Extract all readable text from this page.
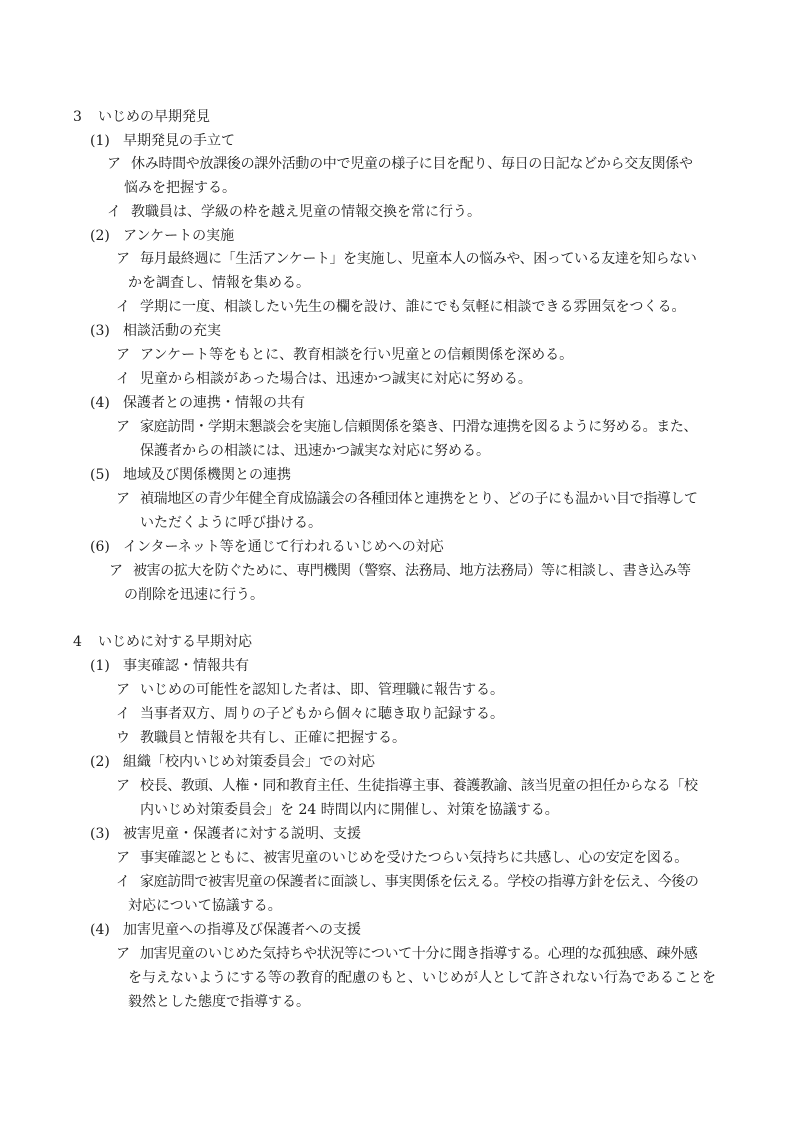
3 いじめの早期発見
(1) 早期発見の手立て
ア 休み時間や放課後の課外活動の中で児童の様子に目を配り、毎日の日記などから交友関係や
悩みを把握する。
イ 教職員は、学級の枠を越え児童の情報交換を常に行う。
(2) アンケートの実施
ア 毎月最終週に「生活アンケート」を実施し、児童本人の悩みや、困っている友達を知らない
かを調査し、情報を集める。
イ 学期に一度、相談したい先生の欄を設け、誰にでも気軽に相談できる雰囲気をつくる。
(3) 相談活動の充実
ア アンケート等をもとに、教育相談を行い児童との信頼関係を深める。
イ 児童から相談があった場合は、迅速かつ誠実に対応に努める。
(4) 保護者との連携・情報の共有
ア 家庭訪問・学期末懇談会を実施し信頼関係を築き、円滑な連携を図るように努める。また、
保護者からの相談には、迅速かつ誠実な対応に努める。
(5) 地域及び関係機関との連携
ア 禎瑞地区の青少年健全育成協議会の各種団体と連携をとり、どの子にも温かい目で指導して
いただくように呼び掛ける。
(6) インターネット等を通じて行われるいじめへの対応
ア 被害の拡大を防ぐために、専門機関（警察、法務局、地方法務局）等に相談し、書き込み等
の削除を迅速に行う。
4 いじめに対する早期対応
(1) 事実確認・情報共有
ア いじめの可能性を認知した者は、即、管理職に報告する。
イ 当事者双方、周りの子どもから個々に聴き取り記録する。
ウ 教職員と情報を共有し、正確に把握する。
(2) 組織「校内いじめ対策委員会」での対応
ア 校長、教頭、人権・同和教育主任、生徒指導主事、養護教諭、該当児童の担任からなる「校
内いじめ対策委員会」を 24 時間以内に開催し、対策を協議する。
(3) 被害児童・保護者に対する説明、支援
ア 事実確認とともに、被害児童のいじめを受けたつらい気持ちに共感し、心の安定を図る。
イ 家庭訪問で被害児童の保護者に面談し、事実関係を伝える。学校の指導方針を伝え、今後の
対応について協議する。
(4) 加害児童への指導及び保護者への支援
ア 加害児童のいじめた気持ちや状況等について十分に聞き指導する。心理的な孤独感、疎外感
を与えないようにする等の教育的配慮のもと、いじめが人として許されない行為であることを
毅然とした態度で指導する。
